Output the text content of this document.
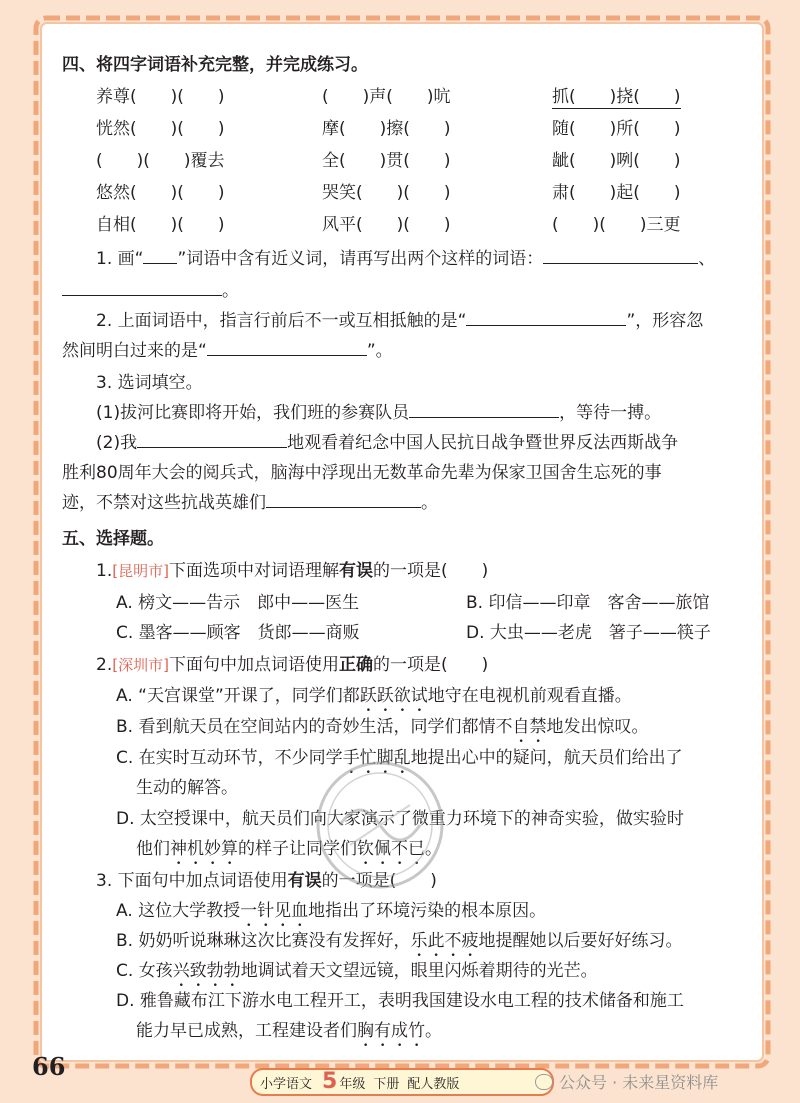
四、将四字词语补充完整，并完成练习。
养尊(　　)(　　)	(　　)声(　　)吭	抓(　　)挠(　　)
恍然(　　)(　　)	摩(　　)擦(　　)	随(　　)所(　　)
(　　)(　　)覆去	全(　　)贯(　　)	龇(　　)咧(　　)
悠然(　　)(　　)	哭笑(　　)(　　)	肃(　　)起(　　)
自相(　　)(　　)	风平(　　)(　　)	(　　)(　　)三更
1. 画“ ”词语中含有近义词，请再写出两个这样的词语：	、
。
2. 上面词语中，指言行前后不一或互相抵触的是“	”，形容忽
然间明白过来的是“	”。
3. 选词填空。
(1)拔河比赛即将开始，我们班的参赛队员	，等待一搏。
(2)我	地观看着纪念中国人民抗日战争暨世界反法西斯战争
胜利80周年大会的阅兵式，脑海中浮现出无数革命先辈为保家卫国舍生忘死的事
迹，不禁对这些抗战英雄们	。
五、选择题。
1.[昆明市]下面选项中对词语理解有误的一项是(　　)
A. 榜文——告示　郎中——医生	B. 印信——印章　客舍——旅馆
C. 墨客——顾客　货郎——商贩	D. 大虫——老虎　箸子——筷子
2.[深圳市]下面句中加点词语使用正确的一项是(　　)
A. “天宫课堂”开课了，同学们都跃跃欲试地守在电视机前观看直播。
B. 看到航天员在空间站内的奇妙生活，同学们都情不自禁地发出惊叹。
C. 在实时互动环节，不少同学手忙脚乱地提出心中的疑问，航天员们给出了
生动的解答。
D. 太空授课中，航天员们向大家演示了微重力环境下的神奇实验，做实验时
他们神机妙算的样子让同学们钦佩不已。
3. 下面句中加点词语使用有误的一项是(　　)
A. 这位大学教授一针见血地指出了环境污染的根本原因。
B. 奶奶听说琳琳这次比赛没有发挥好，乐此不疲地提醒她以后要好好练习。
C. 女孩兴致勃勃地调试着天文望远镜，眼里闪烁着期待的光芒。
D. 雅鲁藏布江下游水电工程开工，表明我国建设水电工程的技术储备和施工
能力早已成熟，工程建设者们胸有成竹。
66
小学语文 5 年级 下册 配人教版	公众号 · 未来星资料库
